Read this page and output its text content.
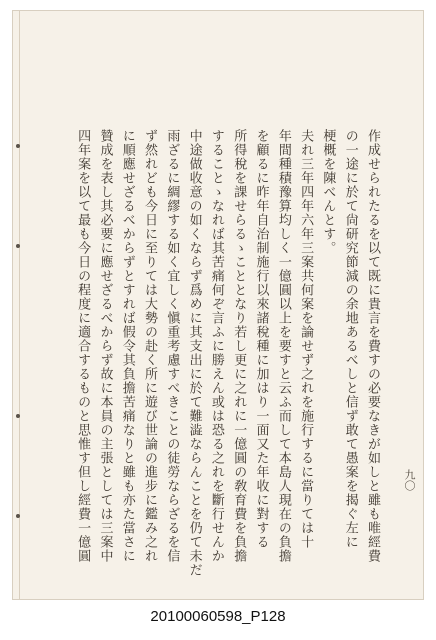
九〇
作成せられたるを以て既に貴言を費すの必要なきが如しと雖も唯經費
の一途に於て尙研究節減の余地あるべしと信ず敢て愚案を揭ぐ左に
梗概を陳べんとす。
夫れ三年四年六年三案共何案を論せず之れを施行するに當りては十
年間種積豫算均しく一億圓以上を要すと云ふ而して本島人現在の負擔
を顧るに昨年自治制施行以來諸稅種に加はり一面又た年收に對する
所得稅を課せらるゝこととなり若し更に之れに一億圓の敎育費を負擔
することゝなれば其苦痛何ぞ言ふに勝えん或は恐る之れを斷行せんか
中途做收意の如くならず爲めに其支出に於て難澁ならんことを仍て未だ
雨ざるに綢繆する如く宜しく愼重考慮すべきことの徒勞ならざるを信
ず然れども今日に至りては大勢の赴く所に遊び世論の進步に鑑み之れ
に順應せざるべからずとすれば假令其負擔苦痛なりと雖も亦た當さに
贊成を表し其必要に應せざるべからず故に本員の主張としては三案中
四年案を以て最も今日の程度に適合するものと思惟す但し經費一億圓
20100060598_P128
